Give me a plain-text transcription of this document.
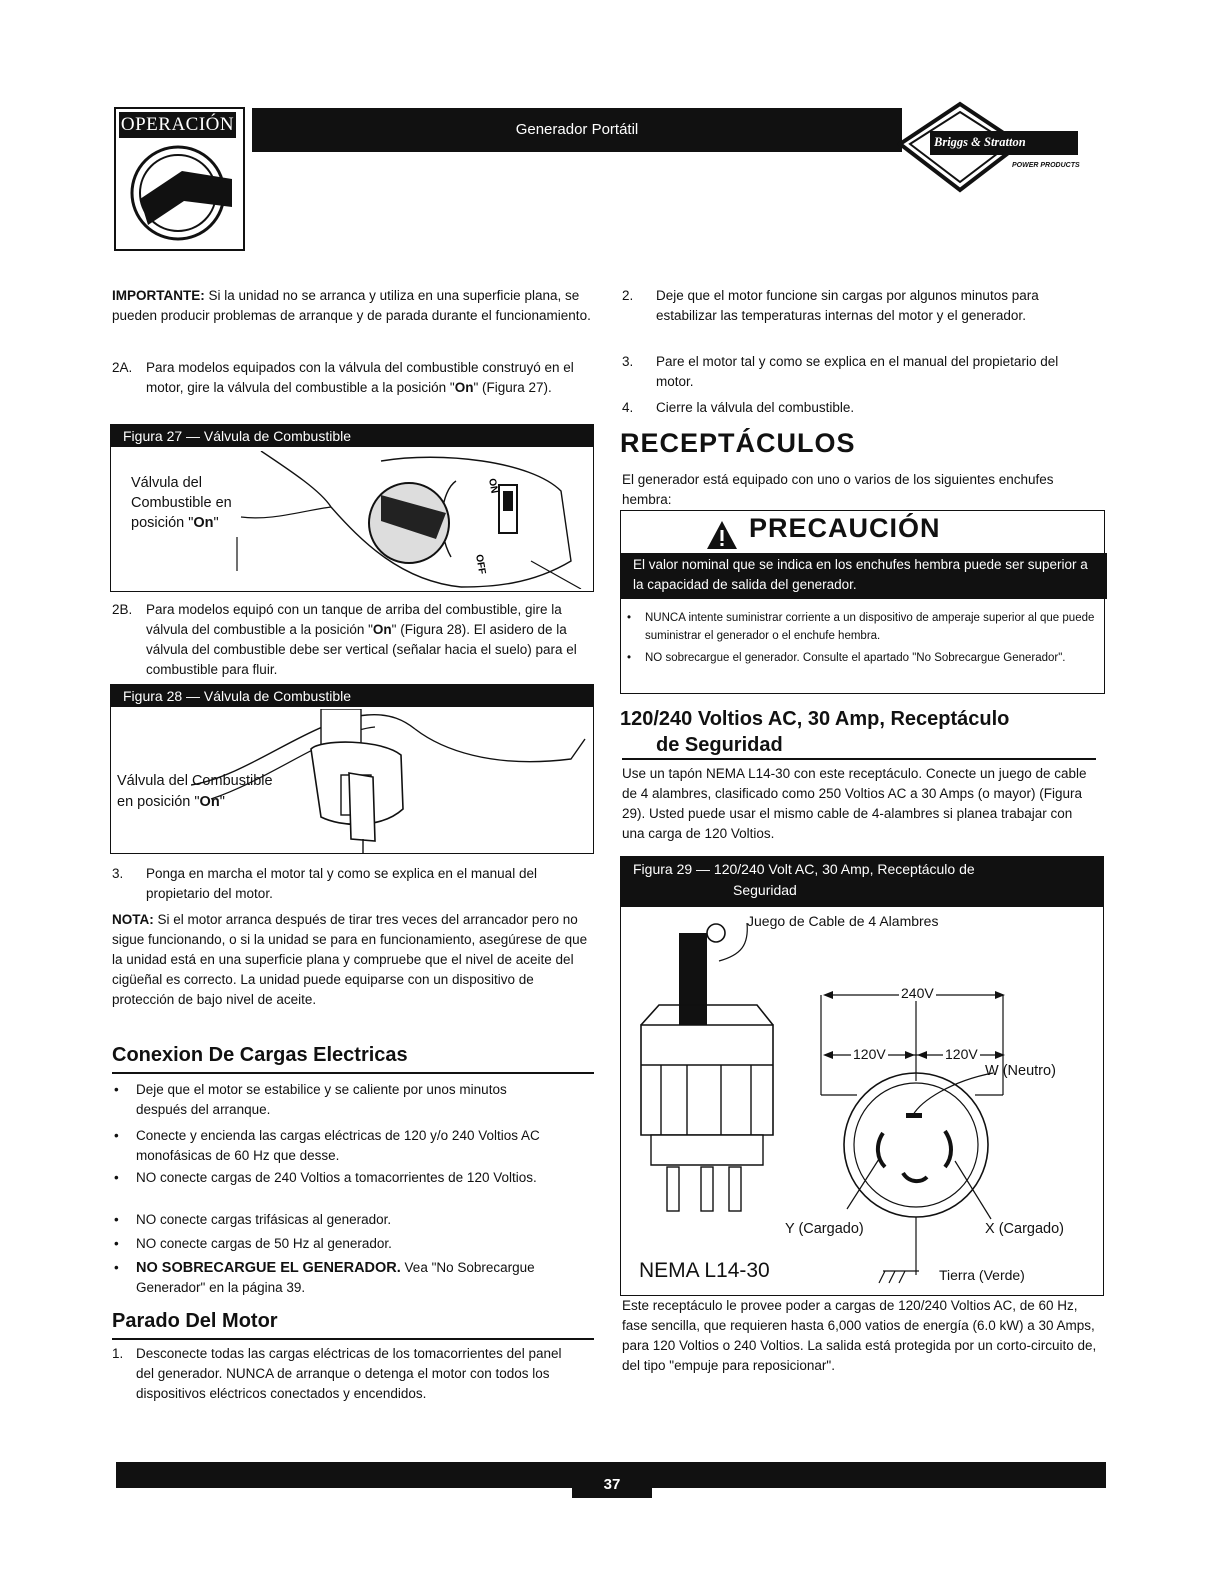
OPERACIÓN	Generador Portátil
Briggs & Stratton
POWER PRODUCTS

IMPORTANTE: Si la unidad no se arranca y utiliza en una superficie plana, se pueden producir problemas de arranque y de parada durante el funcionamiento.

2A. Para modelos equipados con la válvula del combustible construyó en el motor, gire la válvula del combustible a la posición "On" (Figura 27).

Figura 27 — Válvula de Combustible
Válvula del
Combustible en
posición "On"
ON
OFF
2B. Para modelos equipó con un tanque de arriba del combustible, gire la válvula del combustible a la posición "On" (Figura 28). El asidero de la válvula del combustible debe ser vertical (señalar hacia el suelo) para el combustible para fluir.

Figura 28 — Válvula de Combustible
Válvula del Combustible
en posición "On"
3. Ponga en marcha el motor tal y como se explica en el manual del propietario del motor.

NOTA: Si el motor arranca después de tirar tres veces del arrancador pero no sigue funcionando, o si la unidad se para en funcionamiento, asegúrese de que la unidad está en una superficie plana y compruebe que el nivel de aceite del cigüeñal es correcto. La unidad puede equiparse con un dispositivo de protección de bajo nivel de aceite.

Conexion De Cargas Electricas
• Deje que el motor se estabilice y se caliente por unos minutos después del arranque.

• Conecte y encienda las cargas eléctricas de 120 y/o 240 Voltios AC monofásicas de 60 Hz que desse.

• NO conecte cargas de 240 Voltios a tomacorrientes de 120 Voltios.

• NO conecte cargas trifásicas al generador.

• NO conecte cargas de 50 Hz al generador.

• NO SOBRECARGUE EL GENERADOR. Vea "No Sobrecargue Generador" en la página 39.

Parado Del Motor
1. Desconecte todas las cargas eléctricas de los tomacorrientes del panel del generador. NUNCA de arranque o detenga el motor con todos los dispositivos eléctricos conectados y encendidos.

2. Deje que el motor funcione sin cargas por algunos minutos para estabilizar las temperaturas internas del motor y el generador.

3. Pare el motor tal y como se explica en el manual del propietario del motor.

4. Cierre la válvula del combustible.

RECEPTÁCULOS

El generador está equipado con uno o varios de los siguientes enchufes hembra:

PRECAUCIÓN
El valor nominal que se indica en los enchufes hembra puede ser superior a la capacidad de salida del generador.
• NUNCA intente suministrar corriente a un dispositivo de amperaje superior al que puede suministrar el generador o el enchufe hembra.

• NO sobrecargue el generador. Consulte el apartado "No Sobrecargue Generador".

120/240 Voltios AC, 30 Amp, Receptáculo
de Seguridad

Use un tapón NEMA L14-30 con este receptáculo. Conecte un juego de cable de 4 alambres, clasificado como 250 Voltios AC a 30 Amps (o mayor) (Figura 29). Usted puede usar el mismo cable de 4-alambres si planea trabajar con una carga de 120 Voltios.

Figura 29 — 120/240 Volt AC, 30 Amp, Receptáculo de
Seguridad
Juego de Cable de 4 Alambres
240V
120V	120V
W (Neutro)
Y (Cargado)	X (Cargado)
NEMA L14-30	Tierra (Verde)

Este receptáculo le provee poder a cargas de 120/240 Voltios AC, de 60 Hz, fase sencilla, que requieren hasta 6,000 vatios de energía (6.0 kW) a 30 Amps, para 120 Voltios o 240 Voltios. La salida está protegida por un corto-circuito de, del tipo "empuje para reposicionar".

37
